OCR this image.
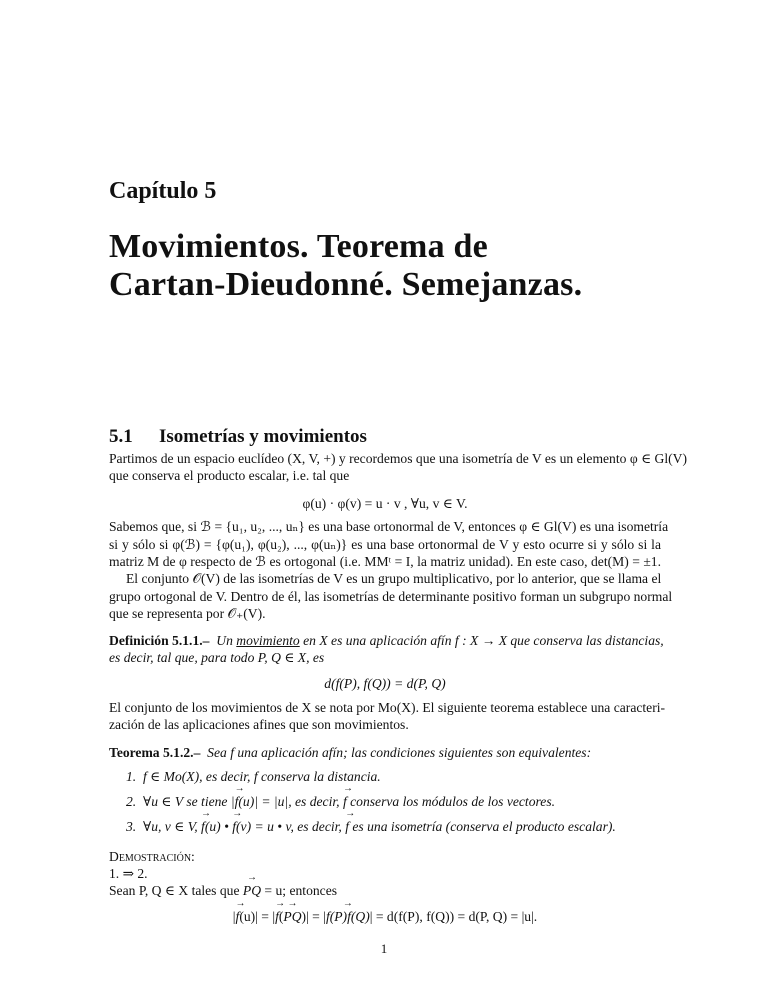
Capítulo 5
Movimientos. Teorema de
Cartan-Dieudonné. Semejanzas.
5.1 Isometrías y movimientos
Partimos de un espacio euclídeo (X, V, +) y recordemos que una isometría de V es un elemento φ ∈ Gl(V)
que conserva el producto escalar, i.e. tal que
φ(u) · φ(v) = u · v , ∀u, v ∈ V.
Sabemos que, si ℬ = {u₁, u₂, ..., uₙ} es una base ortonormal de V, entonces φ ∈ Gl(V) es una isometría
si y sólo si φ(ℬ) = {φ(u₁), φ(u₂), ..., φ(uₙ)} es una base ortonormal de V y esto ocurre si y sólo si la
matriz M de φ respecto de ℬ es ortogonal (i.e. MMᵗ = I, la matriz unidad). En este caso, det(M) = ±1.
El conjunto 𝒪(V) de las isometrías de V es un grupo multiplicativo, por lo anterior, que se llama el
grupo ortogonal de V. Dentro de él, las isometrías de determinante positivo forman un subgrupo normal
que se representa por 𝒪₊(V).
Definición 5.1.1.– Un movimiento en X es una aplicación afín f : X → X que conserva las distancias,
es decir, tal que, para todo P, Q ∈ X, es
d(f(P), f(Q)) = d(P, Q)
El conjunto de los movimientos de X se nota por Mo(X). El siguiente teorema establece una caracteri-
zación de las aplicaciones afines que son movimientos.
Teorema 5.1.2.– Sea f una aplicación afín; las condiciones siguientes son equivalentes:
1. f ∈ Mo(X), es decir, f conserva la distancia.
2. ∀u ∈ V se tiene |→ f(u)| = |u|, es decir, → f conserva los módulos de los vectores.
3. ∀u, v ∈ V, → f(u) • → f(v) = u • v, es decir, → f es una isometría (conserva el producto escalar).
Demostración:
1. ⇒ 2.
Sean P, Q ∈ X tales que → PQ = u; entonces
|→ f(u)| = |→ f(→ PQ)| = |→ f(P)f(Q)| = d(f(P), f(Q)) = d(P, Q) = |u|.
1
